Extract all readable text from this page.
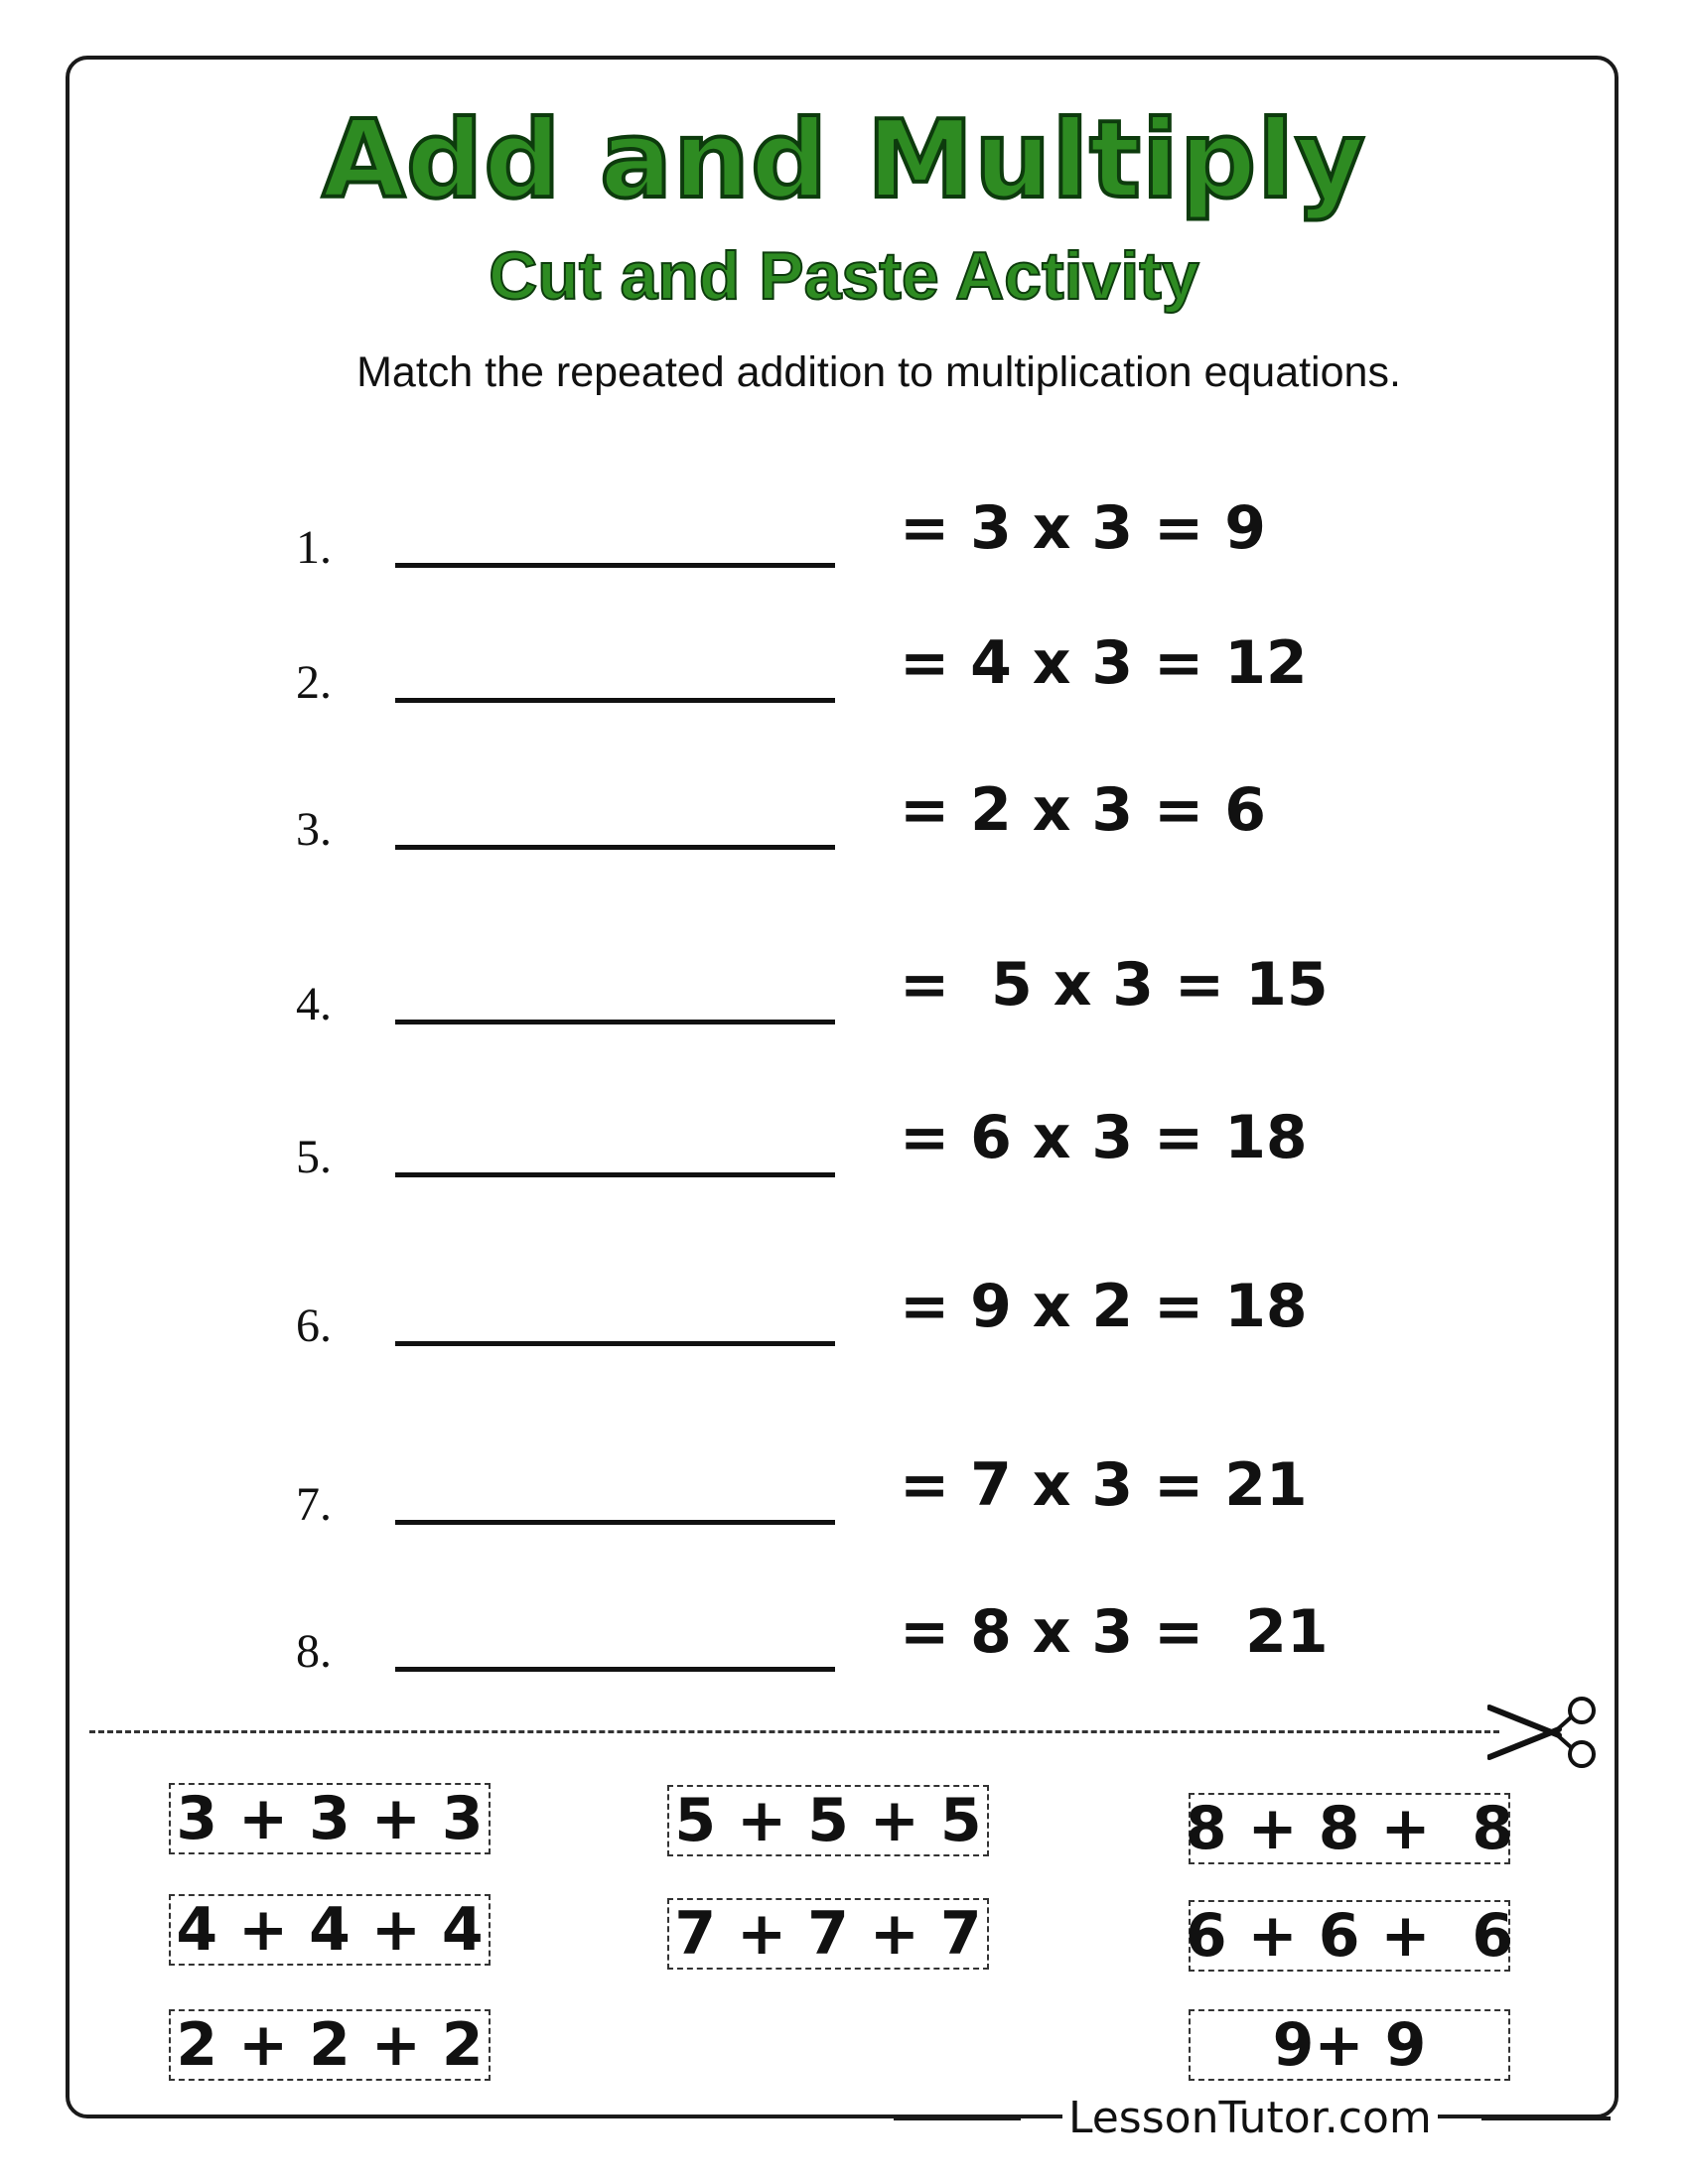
Add and Multiply
Cut and Paste Activity
Match the repeated addition to multiplication equations.
1.	= 3 x 3 = 9
2.	= 4 x 3 = 12
3.	= 2 x 3 = 6
4.	=  5 x 3 = 15
5.	= 6 x 3 = 18
6.	= 9 x 2 = 18
7.	= 7 x 3 = 21
8.	= 8 x 3 =  21
3 + 3 + 3
4 + 4 + 4
2 + 2 + 2
5 + 5 + 5
7 + 7 + 7
8 + 8 +  8
6 + 6 +  6
9+ 9
LessonTutor.com
